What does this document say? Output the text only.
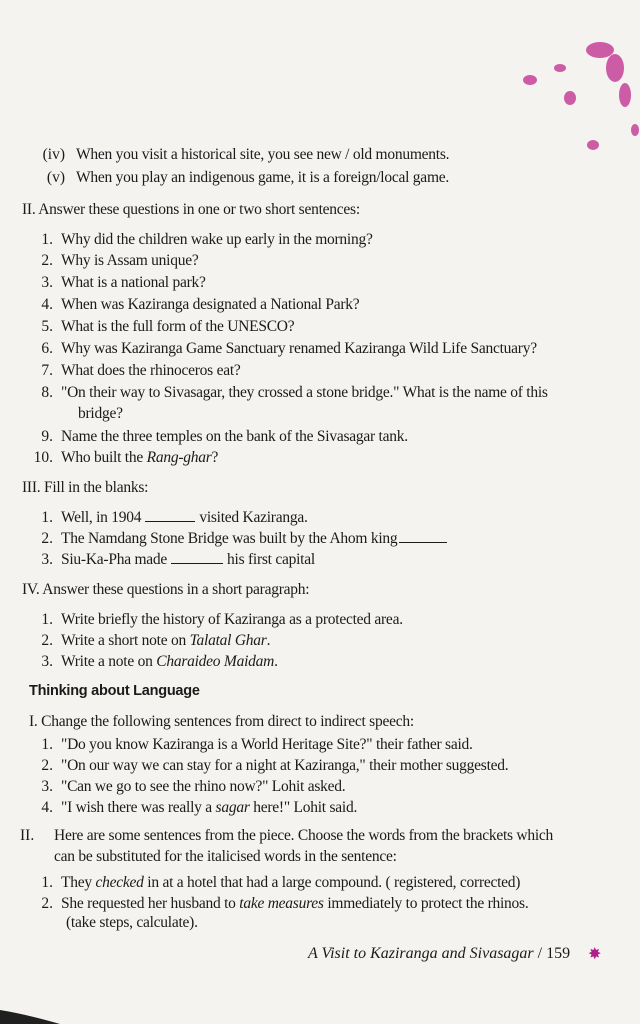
(iv) When you visit a historical site, you see new / old monuments.
(v) When you play an indigenous game, it is a foreign/local game.
II. Answer these questions in one or two short sentences:
1. Why did the children wake up early in the morning?
2. Why is Assam unique?
3. What is a national park?
4. When was Kaziranga designated a National Park?
5. What is the full form of the UNESCO?
6. Why was Kaziranga Game Sanctuary renamed Kaziranga Wild Life Sanctuary?
7. What does the rhinoceros eat?
8. "On their way to Sivasagar, they crossed a stone bridge." What is the name of this
bridge?
9. Name the three temples on the bank of the Sivasagar tank.
10. Who built the Rang-ghar?
III. Fill in the blanks:
1. Well, in 1904	visited Kaziranga.
2. The Namdang Stone Bridge was built by the Ahom king
3. Siu-Ka-Pha made	his first capital
IV. Answer these questions in a short paragraph:
1. Write briefly the history of Kaziranga as a protected area.
2. Write a short note on Talatal Ghar.
3. Write a note on Charaideo Maidam.
Thinking about Language
I. Change the following sentences from direct to indirect speech:
1. "Do you know Kaziranga is a World Heritage Site?" their father said.
2. "On our way we can stay for a night at Kaziranga," their mother suggested.
3. "Can we go to see the rhino now?" Lohit asked.
4. "I wish there was really a sagar here!" Lohit said.
II.	Here are some sentences from the piece. Choose the words from the brackets which
can be substituted for the italicised words in the sentence:
1. They checked in at a hotel that had a large compound. ( registered, corrected)
2. She requested her husband to take measures immediately to protect the rhinos.
(take steps, calculate).
A Visit to Kaziranga and Sivasagar / 159 ✸
